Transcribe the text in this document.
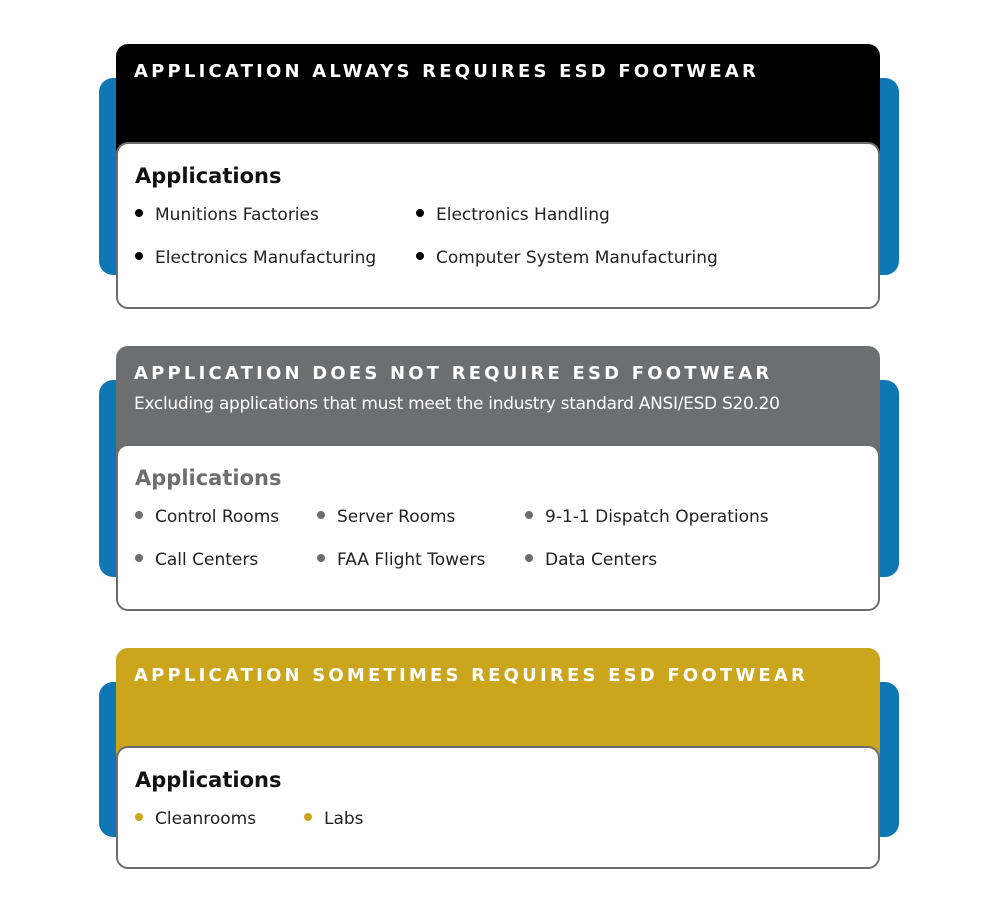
APPLICATION ALWAYS REQUIRES ESD FOOTWEAR
Applications
Munitions Factories	Electronics Handling
Electronics Manufacturing	Computer System Manufacturing
APPLICATION DOES NOT REQUIRE ESD FOOTWEAR
Excluding applications that must meet the industry standard ANSI/ESD S20.20
Applications
Control Rooms	Server Rooms	9-1-1 Dispatch Operations
Call Centers	FAA Flight Towers	Data Centers
APPLICATION SOMETIMES REQUIRES ESD FOOTWEAR
Applications
Cleanrooms	Labs
